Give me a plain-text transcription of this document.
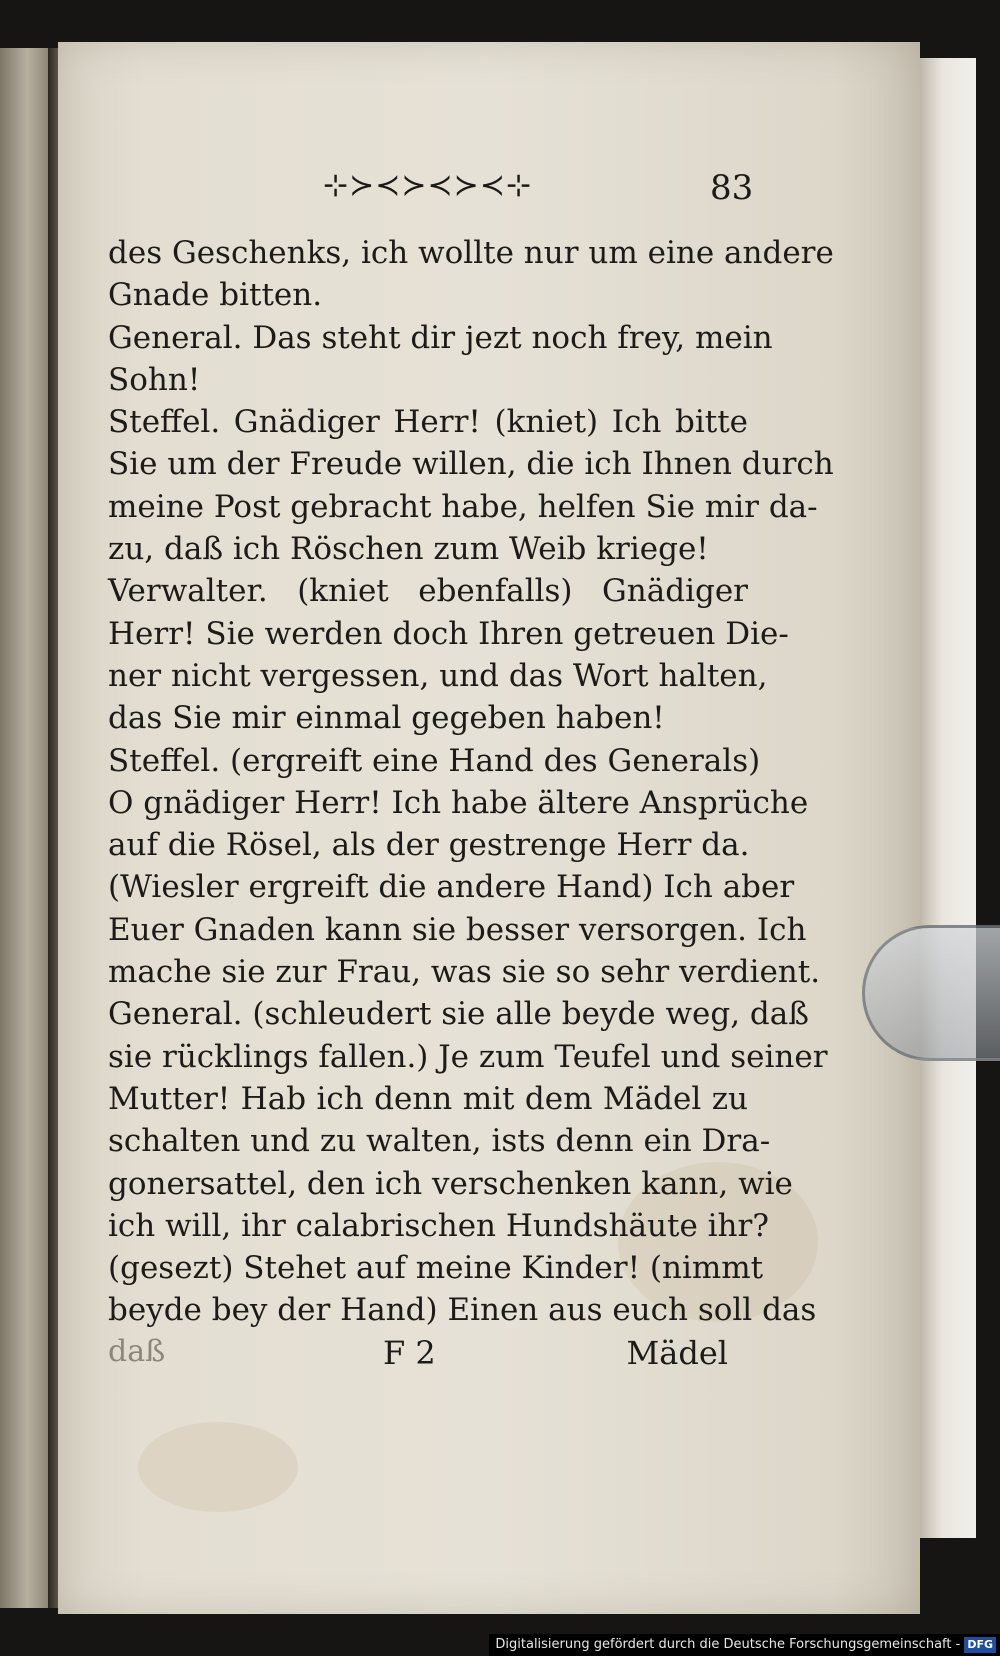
⊹≻≺≻≺≻≺⊹	83
des Geschenks, ich wollte nur um eine andere
Gnade bitten.
General. Das steht dir jezt noch frey, mein
Sohn!
Steffel. Gnädiger Herr! (kniet) Ich bitte
Sie um der Freude willen, die ich Ihnen durch
meine Post gebracht habe, helfen Sie mir da-
zu, daß ich Röschen zum Weib kriege!
Verwalter. (kniet ebenfalls) Gnädiger
Herr! Sie werden doch Ihren getreuen Die-
ner nicht vergessen, und das Wort halten,
das Sie mir einmal gegeben haben!
Steffel. (ergreift eine Hand des Generals)
O gnädiger Herr! Ich habe ältere Ansprüche
auf die Rösel, als der gestrenge Herr da.
(Wiesler ergreift die andere Hand) Ich aber
Euer Gnaden kann sie besser versorgen. Ich
mache sie zur Frau, was sie so sehr verdient.
General. (schleudert sie alle beyde weg, daß
sie rücklings fallen.) Je zum Teufel und seiner
Mutter! Hab ich denn mit dem Mädel zu
schalten und zu walten, ists denn ein Dra-
gonersattel, den ich verschenken kann, wie
ich will, ihr calabrischen Hundshäute ihr?
(gesezt) Stehet auf meine Kinder! (nimmt
beyde bey der Hand) Einen aus euch soll das
daß	F 2	Mädel
Digitalisierung gefördert durch die Deutsche Forschungsgemeinschaft - DFG
